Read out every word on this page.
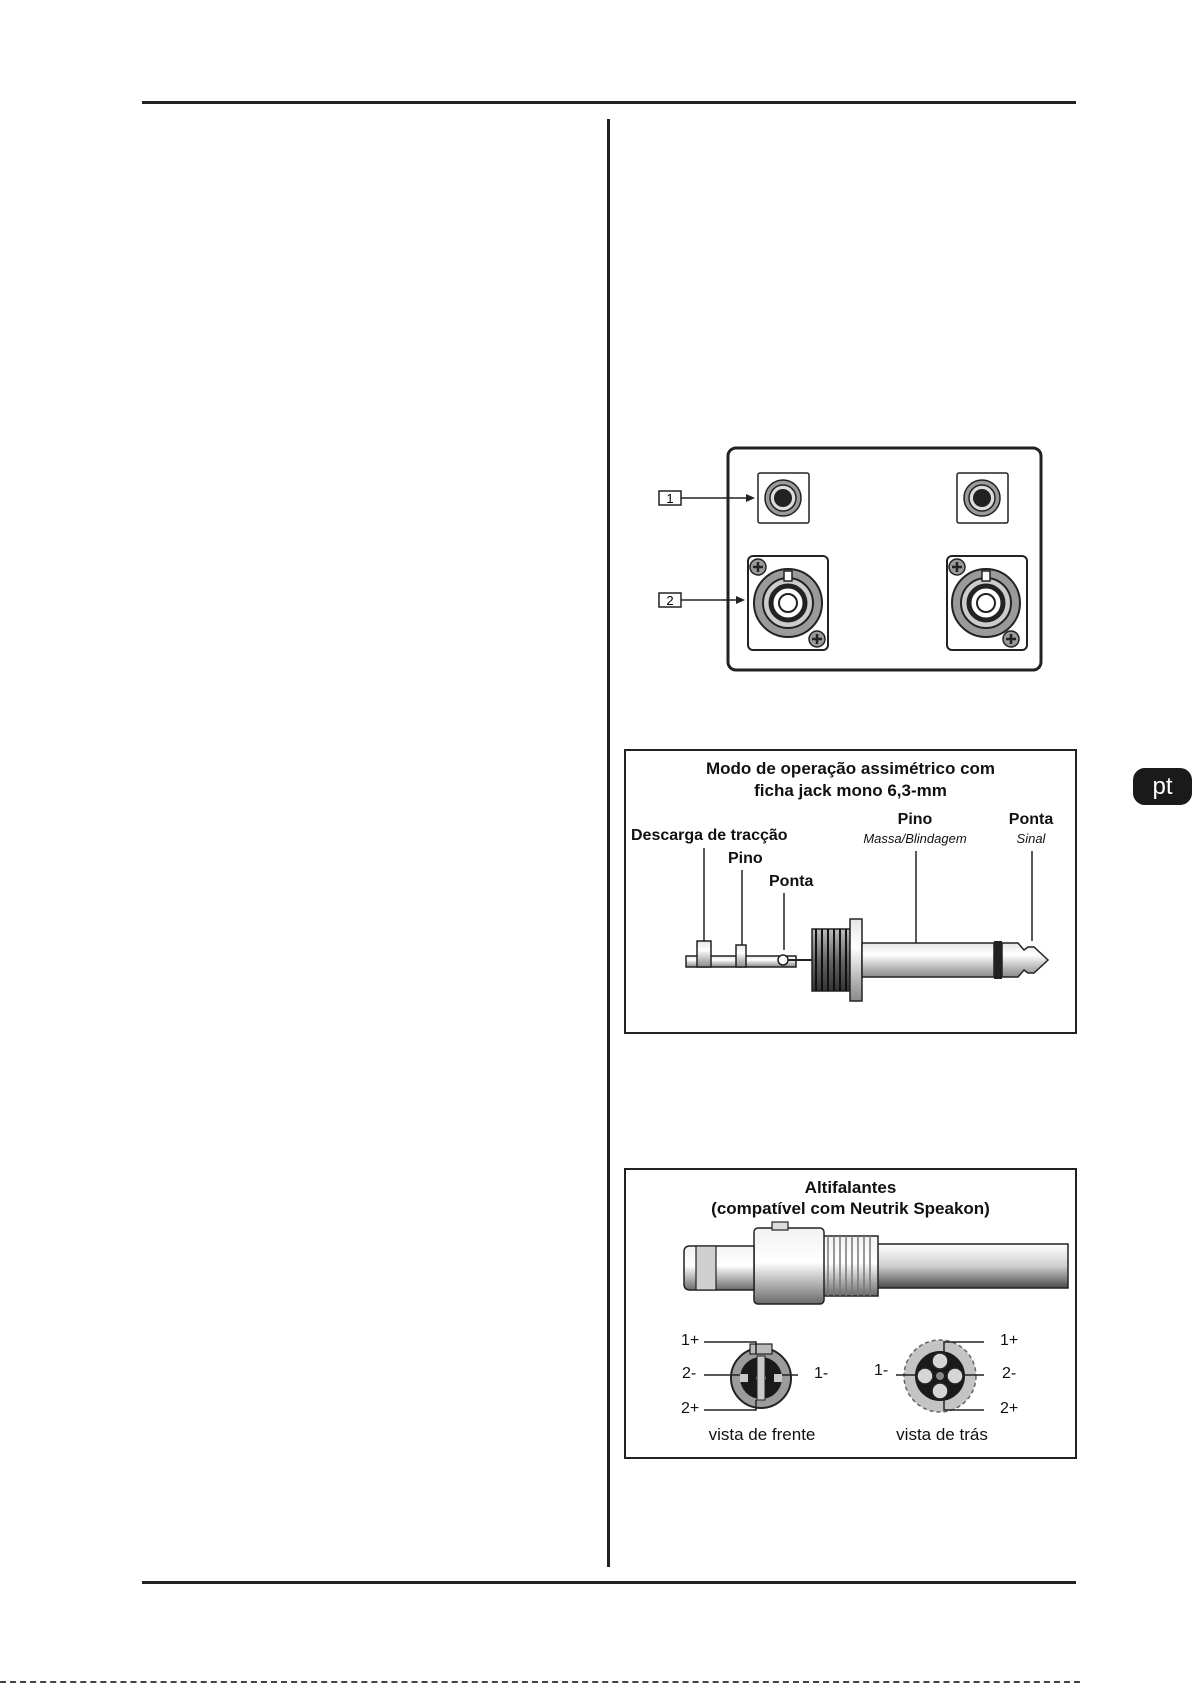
pt
1
2
Modo de operação assimétrico com
ficha jack mono 6,3-mm
Descarga de tracção
Pino
Ponta
Pino
Massa/Blindagem
Ponta
Sinal
Altifalantes
(compatível com Neutrik Speakon)
1+
2-
2+
1-
vista de frente
1+
1-	2-
2+
vista de trás
